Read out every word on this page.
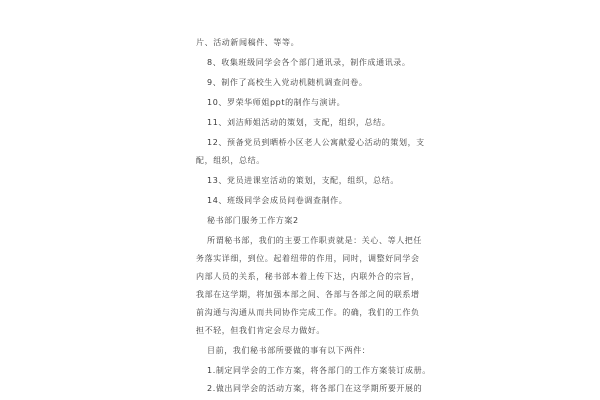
片、活动新闻稿件、等等。
8、收集班级同学会各个部门通讯录，制作成通讯录。
9、制作了高校生入党动机随机调查问卷。
10、罗荣华师姐ppt的制作与演讲。
11、刘洁师姐活动的策划，支配，组织，总结。
12、预备党员到晒桥小区老人公寓献爱心活动的策划，支
配，组织，总结。
13、党员进课室活动的策划，支配，组织，总结。
14、班级同学会成员问卷调查制作。
秘书部门服务工作方案2
所谓秘书部，我们的主要工作职责就是：关心、等人把任
务落实详细，到位。起着纽带的作用，同时，调整好同学会
内部人员的关系，秘书部本着上传下达，内联外合的宗旨，
我部在这学期，将加强本部之间、各部与各部之间的联系增
前沟通与沟通从而共同协作完成工作。的确，我们的工作负
担不轻，但我们肯定会尽力做好。
目前，我们秘书部所要做的事有以下两件：
1.制定同学会的工作方案，将各部门的工作方案装订成册。
2.做出同学会的活动方案，将各部门在这学期所要开展的
